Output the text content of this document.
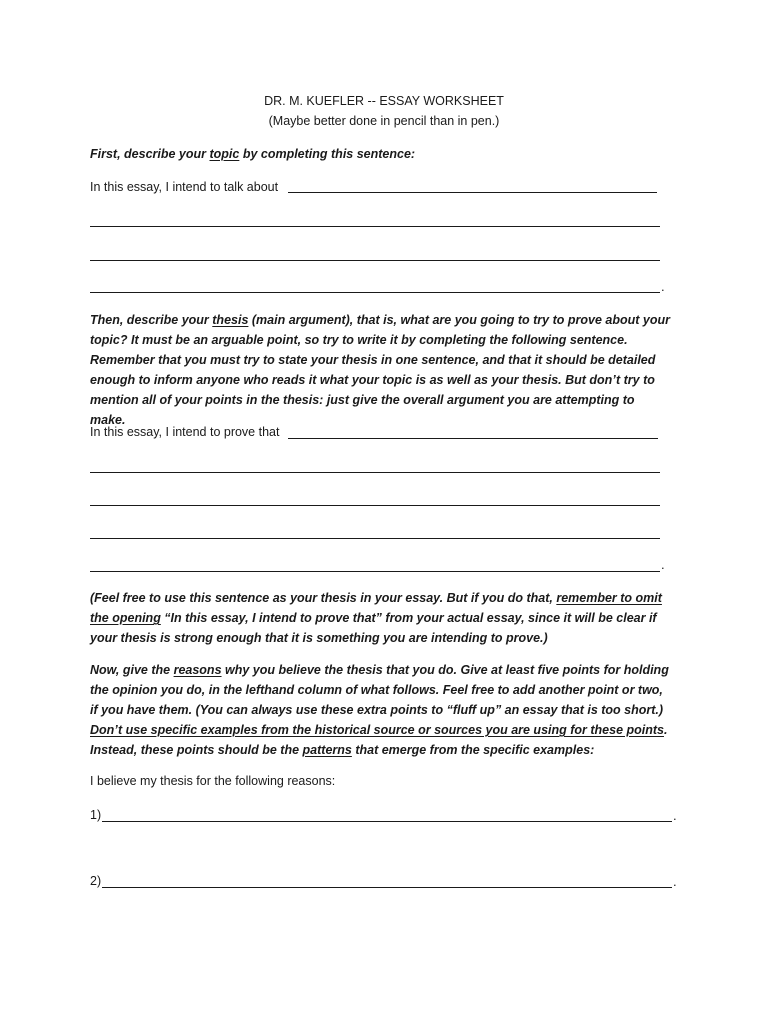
DR. M. KUEFLER -- ESSAY WORKSHEET
(Maybe better done in pencil than in pen.)
First, describe your topic by completing this sentence:
In this essay, I intend to talk about
.
Then, describe your thesis (main argument), that is, what are you going to try to prove about your topic? It must be an arguable point, so try to write it by completing the following sentence. Remember that you must try to state your thesis in one sentence, and that it should be detailed enough to inform anyone who reads it what your topic is as well as your thesis. But don’t try to mention all of your points in the thesis: just give the overall argument you are attempting to make.
In this essay, I intend to prove that
.
(Feel free to use this sentence as your thesis in your essay. But if you do that, remember to omit the opening “In this essay, I intend to prove that” from your actual essay, since it will be clear if your thesis is strong enough that it is something you are intending to prove.)
Now, give the reasons why you believe the thesis that you do. Give at least five points for holding the opinion you do, in the lefthand column of what follows. Feel free to add another point or two, if you have them. (You can always use these extra points to “fluff up” an essay that is too short.) Don’t use specific examples from the historical source or sources you are using for these points. Instead, these points should be the patterns that emerge from the specific examples:
I believe my thesis for the following reasons:
1)	.
2)	.
